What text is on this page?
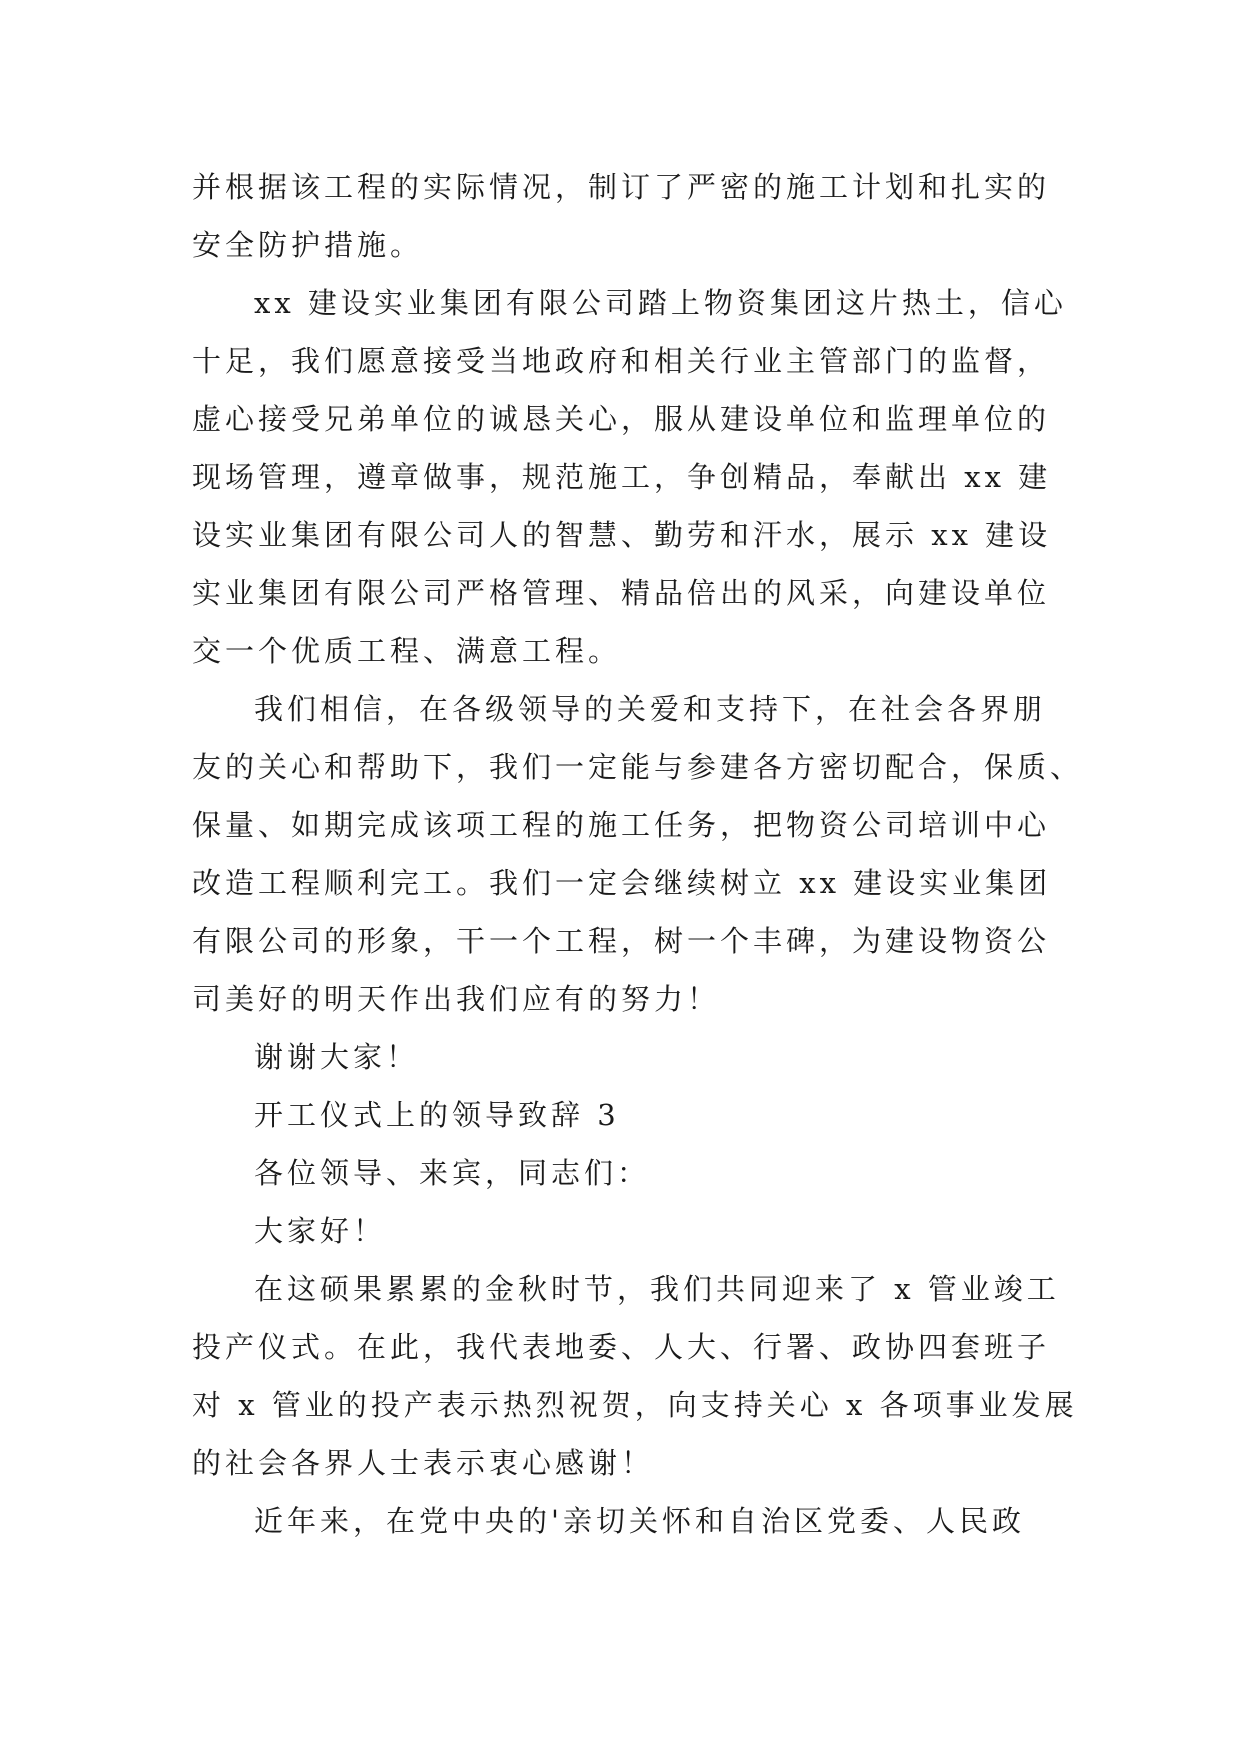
并根据该工程的实际情况，制订了严密的施工计划和扎实的
安全防护措施。
xx 建设实业集团有限公司踏上物资集团这片热土，信心
十足，我们愿意接受当地政府和相关行业主管部门的监督，
虚心接受兄弟单位的诚恳关心，服从建设单位和监理单位的
现场管理，遵章做事，规范施工，争创精品，奉献出 xx 建
设实业集团有限公司人的智慧、勤劳和汗水，展示 xx 建设
实业集团有限公司严格管理、精品倍出的风采，向建设单位
交一个优质工程、满意工程。
我们相信，在各级领导的关爱和支持下，在社会各界朋
友的关心和帮助下，我们一定能与参建各方密切配合，保质、
保量、如期完成该项工程的施工任务，把物资公司培训中心
改造工程顺利完工。我们一定会继续树立 xx 建设实业集团
有限公司的形象，干一个工程，树一个丰碑，为建设物资公
司美好的明天作出我们应有的努力！
谢谢大家！
开工仪式上的领导致辞 3
各位领导、来宾，同志们：
大家好！
在这硕果累累的金秋时节，我们共同迎来了 x 管业竣工
投产仪式。在此，我代表地委、人大、行署、政协四套班子
对 x 管业的投产表示热烈祝贺，向支持关心 x 各项事业发展
的社会各界人士表示衷心感谢！
近年来，在党中央的'亲切关怀和自治区党委、人民政
